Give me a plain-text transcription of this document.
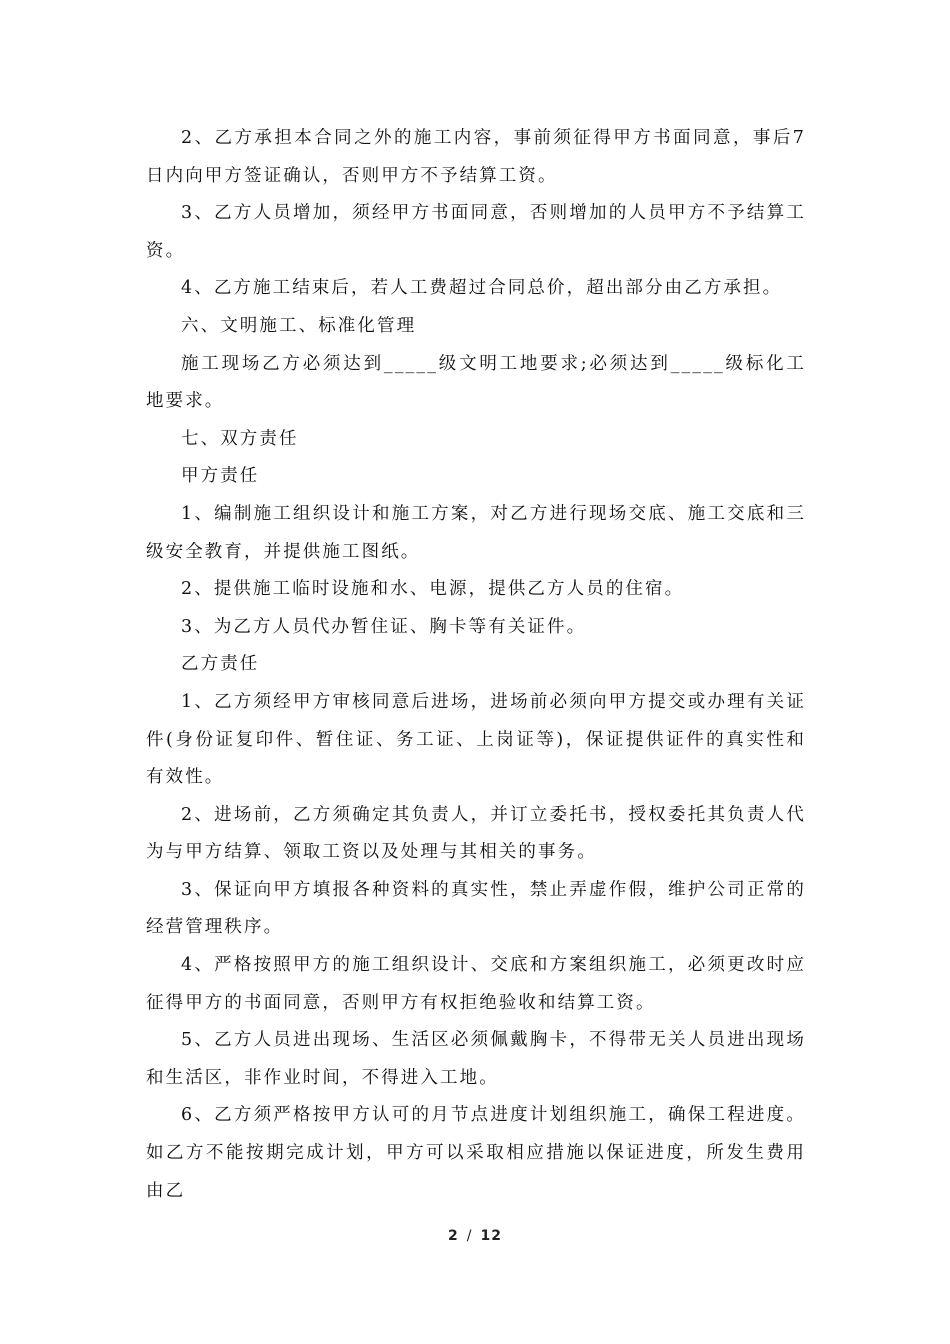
2、乙方承担本合同之外的施工内容，事前须征得甲方书面同意，事后7日内向甲方签证确认，否则甲方不予结算工资。

3、乙方人员增加，须经甲方书面同意，否则增加的人员甲方不予结算工资。

4、乙方施工结束后，若人工费超过合同总价，超出部分由乙方承担。

六、文明施工、标准化管理

施工现场乙方必须达到_____级文明工地要求;必须达到_____级标化工地要求。

七、双方责任

甲方责任

1、编制施工组织设计和施工方案，对乙方进行现场交底、施工交底和三级安全教育，并提供施工图纸。

2、提供施工临时设施和水、电源，提供乙方人员的住宿。

3、为乙方人员代办暂住证、胸卡等有关证件。

乙方责任

1、乙方须经甲方审核同意后进场，进场前必须向甲方提交或办理有关证件(身份证复印件、暂住证、务工证、上岗证等)，保证提供证件的真实性和有效性。

2、进场前，乙方须确定其负责人，并订立委托书，授权委托其负责人代为与甲方结算、领取工资以及处理与其相关的事务。

3、保证向甲方填报各种资料的真实性，禁止弄虚作假，维护公司正常的经营管理秩序。

4、严格按照甲方的施工组织设计、交底和方案组织施工，必须更改时应征得甲方的书面同意，否则甲方有权拒绝验收和结算工资。

5、乙方人员进出现场、生活区必须佩戴胸卡，不得带无关人员进出现场和生活区，非作业时间，不得进入工地。

6、乙方须严格按甲方认可的月节点进度计划组织施工，确保工程进度。如乙方不能按期完成计划，甲方可以采取相应措施以保证进度，所发生费用由乙

2 / 12
